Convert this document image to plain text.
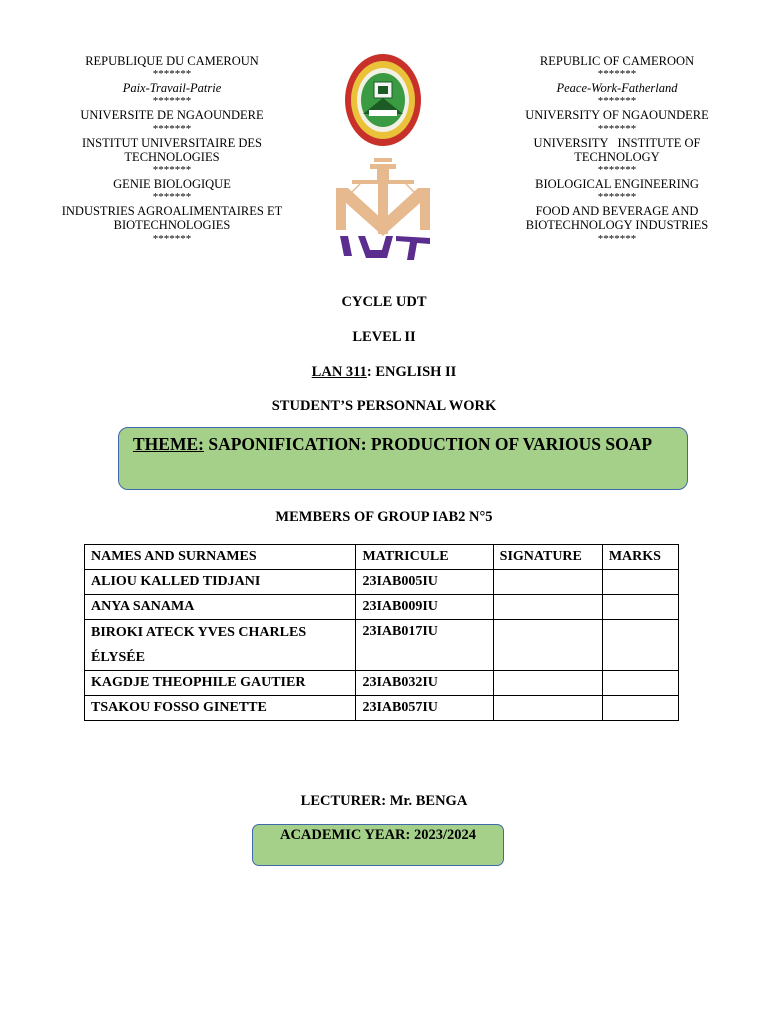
REPUBLIQUE DU CAMEROUN
*******
Paix-Travail-Patrie
*******
UNIVERSITE DE NGAOUNDERE
*******
INSTITUT UNIVERSITAIRE DES TECHNOLOGIES
*******
GENIE BIOLOGIQUE
*******
INDUSTRIES AGROALIMENTAIRES ET BIOTECHNOLOGIES
*******
REPUBLIC OF CAMEROON
*******
Peace-Work-Fatherland
*******
UNIVERSITY OF NGAOUNDERE
*******
UNIVERSITY   INSTITUTE OF TECHNOLOGY
*******
BIOLOGICAL ENGINEERING
*******
FOOD AND BEVERAGE AND BIOTECHNOLOGY INDUSTRIES
*******
CYCLE UDT
LEVEL II
LAN 311: ENGLISH II
STUDENT’S PERSONNAL WORK
THEME: SAPONIFICATION: PRODUCTION OF VARIOUS SOAP
MEMBERS OF GROUP IAB2 N°5
NAMES AND SURNAMES	MATRICULE	SIGNATURE	MARKS
ALIOU KALLED TIDJANI	23IAB005IU		
ANYA SANAMA	23IAB009IU		
BIROKI ATECK YVES CHARLES ÉLYSÉE	23IAB017IU		
KAGDJE THEOPHILE GAUTIER	23IAB032IU		
TSAKOU FOSSO GINETTE	23IAB057IU		
LECTURER: Mr. BENGA
ACADEMIC YEAR: 2023/2024
